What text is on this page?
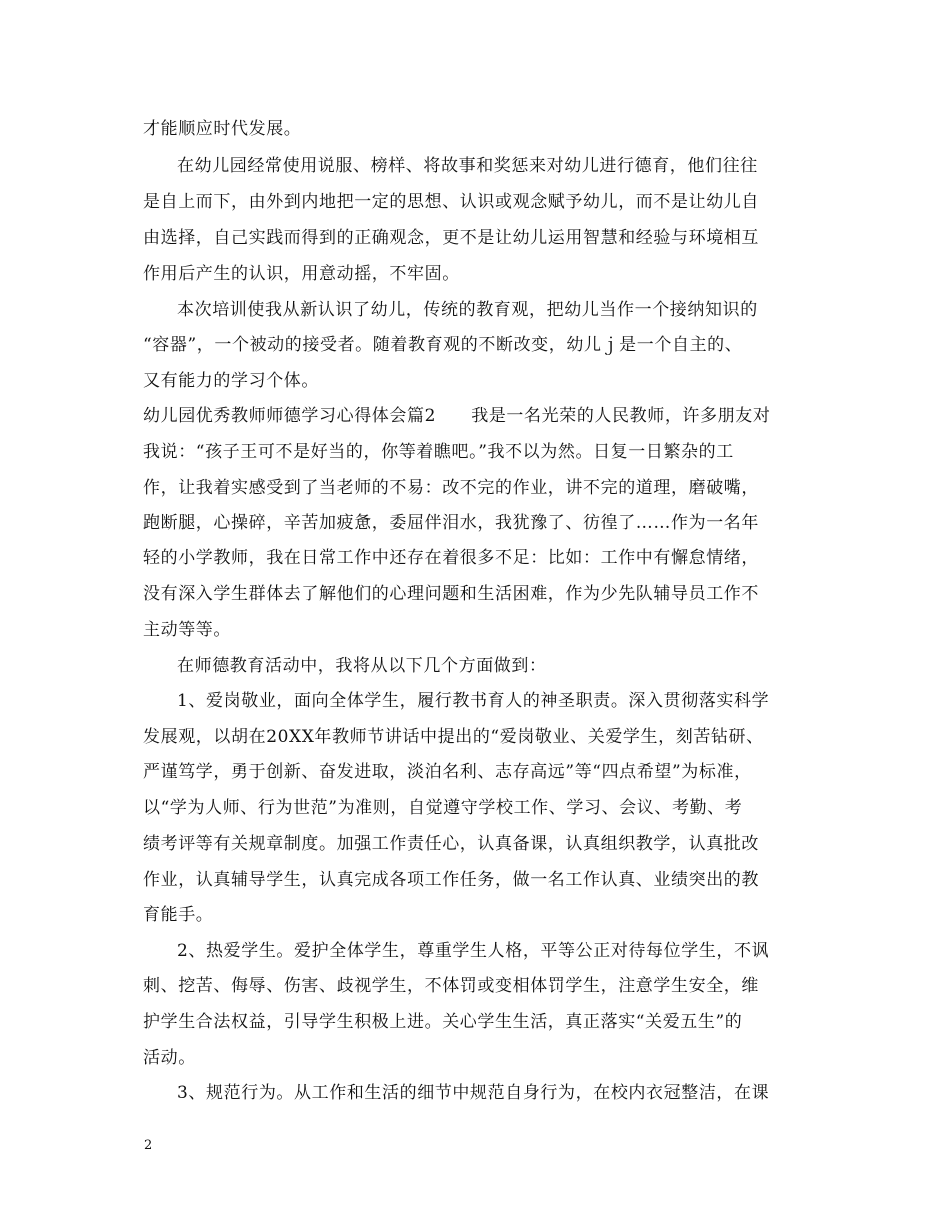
才能顺应时代发展。
在幼儿园经常使用说服、榜样、将故事和奖惩来对幼儿进行德育，他们往往
是自上而下，由外到内地把一定的思想、认识或观念赋予幼儿，而不是让幼儿自
由选择，自己实践而得到的正确观念，更不是让幼儿运用智慧和经验与环境相互
作用后产生的认识，用意动摇，不牢固。
本次培训使我从新认识了幼儿，传统的教育观，把幼儿当作一个接纳知识的
“容器”，一个被动的接受者。随着教育观的不断改变，幼儿ｊ是一个自主的、
又有能力的学习个体。
幼儿园优秀教师师德学习心得体会篇2　　我是一名光荣的人民教师，许多朋友对
我说：“孩子王可不是好当的，你等着瞧吧。”我不以为然。日复一日繁杂的工
作，让我着实感受到了当老师的不易：改不完的作业，讲不完的道理，磨破嘴，
跑断腿，心操碎，辛苦加疲惫，委屈伴泪水，我犹豫了、彷徨了……作为一名年
轻的小学教师，我在日常工作中还存在着很多不足：比如：工作中有懈怠情绪，
没有深入学生群体去了解他们的心理问题和生活困难，作为少先队辅导员工作不
主动等等。
在师德教育活动中，我将从以下几个方面做到：
1、爱岗敬业，面向全体学生，履行教书育人的神圣职责。深入贯彻落实科学
发展观，以胡在20XX年教师节讲话中提出的“爱岗敬业、关爱学生，刻苦钻研、
严谨笃学，勇于创新、奋发进取，淡泊名利、志存高远”等“四点希望”为标准，
以“学为人师、行为世范”为准则，自觉遵守学校工作、学习、会议、考勤、考
绩考评等有关规章制度。加强工作责任心，认真备课，认真组织教学，认真批改
作业，认真辅导学生，认真完成各项工作任务，做一名工作认真、业绩突出的教
育能手。
2、热爱学生。爱护全体学生，尊重学生人格，平等公正对待每位学生，不讽
刺、挖苦、侮辱、伤害、歧视学生，不体罚或变相体罚学生，注意学生安全，维
护学生合法权益，引导学生积极上进。关心学生生活，真正落实“关爱五生”的
活动。
3、规范行为。从工作和生活的细节中规范自身行为，在校内衣冠整洁，在课
2
